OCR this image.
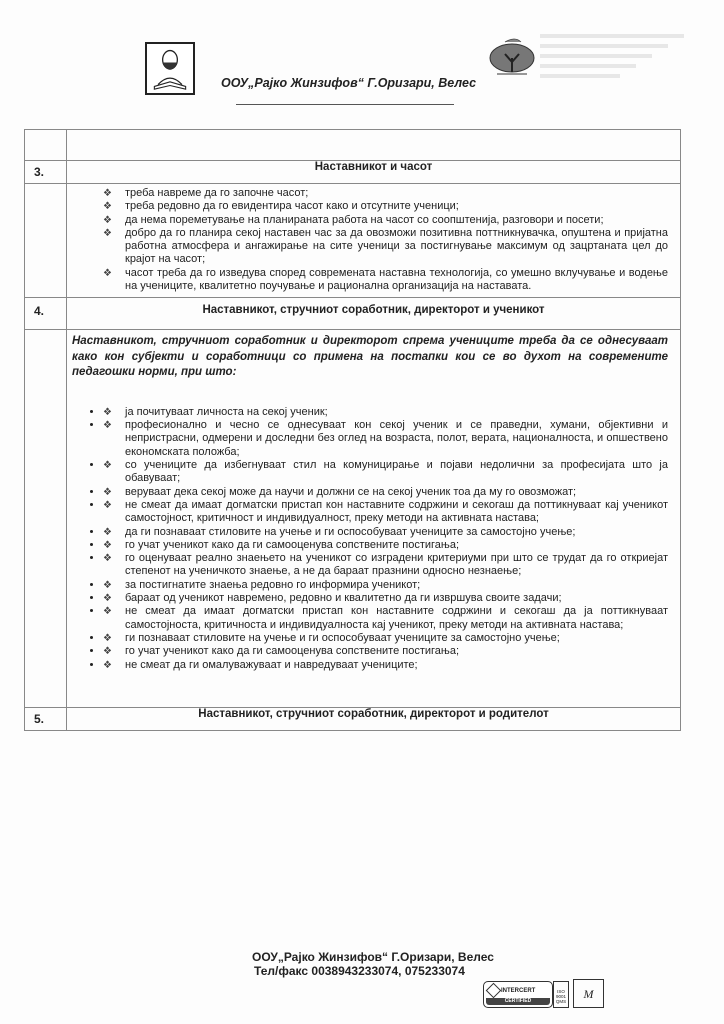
ООУ„Рајко Жинзифов“ Г.Оризари, Велес

3.	Наставникот и часот

❖ треба навреме да го започне часот;
❖ треба редовно да го евидентира часот како и отсутните ученици;
❖ да нема пореметување на планираната работа на часот со соопштенија, разговори и посети;
❖ добро да го планира секој наставен час за да овозможи позитивна поттникнувачка, опуштена и пријатна работна атмосфера и ангажирање на сите ученици за постигнување максимум од зацртаната цел до крајот на часот;
❖ часот треба да го изведува според современата наставна технологија, со умешно вклучување и водење на учениците, квалитетно поучување и рационална организација на наставата.

4.	Наставникот, стручниот соработник, директорот и ученикот

Наставникот, стручниот соработник и директорот спрема учениците треба да се однесуваат како кон субјекти и соработници со примена на постапки кои се во духот на современите педагошки норми, при што:
❖ • ја почитуваат личноста на секој ученик;
❖ • професионално и чесно се однесуваат кон секој ученик и се праведни, хумани, објективни и непристрасни, одмерени и доследни без оглед на возраста, полот, верата, националноста, и опшествено економската положба;
❖ • со учениците да избегнуваат стил на комуницирање и појави недолични за професијата што ја обавуваат;
❖ • веруваат дека секој може да научи и должни се на секој ученик тоа да му го овозможат;
❖ • не смеат да имаат догматски пристап кон наставните содржини и секогаш да поттикнуваат кај ученикот самостојност, критичност и индивидуалност, преку методи на активната настава;
❖ • да ги познаваат стиловите на учење и ги оспособуваат учениците за самостојно учење;
❖ • го учат ученикот како да ги самооценува сопствените постигања;
❖ • го оценуваат реално знаењето на ученикот со изградени критериуми при што се трудат да го откриејат степенот на ученичкото знаење, а не да бараат празнини односно незнаење;
❖ • за постигнатите знаења редовно го информира ученикот;
❖ • бараат од ученикот навремено, редовно и квалитетно да ги извршува своите задачи;
❖ • не смеат да имаат догматски пристап кон наставните содржини и секогаш да ја поттикнуваат самостојноста, критичноста и индивидуалноста кај ученикот, преку методи на активната настава;
❖ • ги познаваат стиловите на учење и ги оспособуваат учениците за самостојно учење;
❖ • го учат ученикот како да ги самооценува сопствените постигања;
❖ • не смеат да ги омалуважуваат и навредуваат учениците;

5.	Наставникот, стручниот соработник, директорот и родителот
ООУ„Рајко Жинзифов“ Г.Оризари, Велес
Тел/факс 0038943233074, 075233074
INTERCERT
CERTIFIED
ISO 9001 QMS
M
